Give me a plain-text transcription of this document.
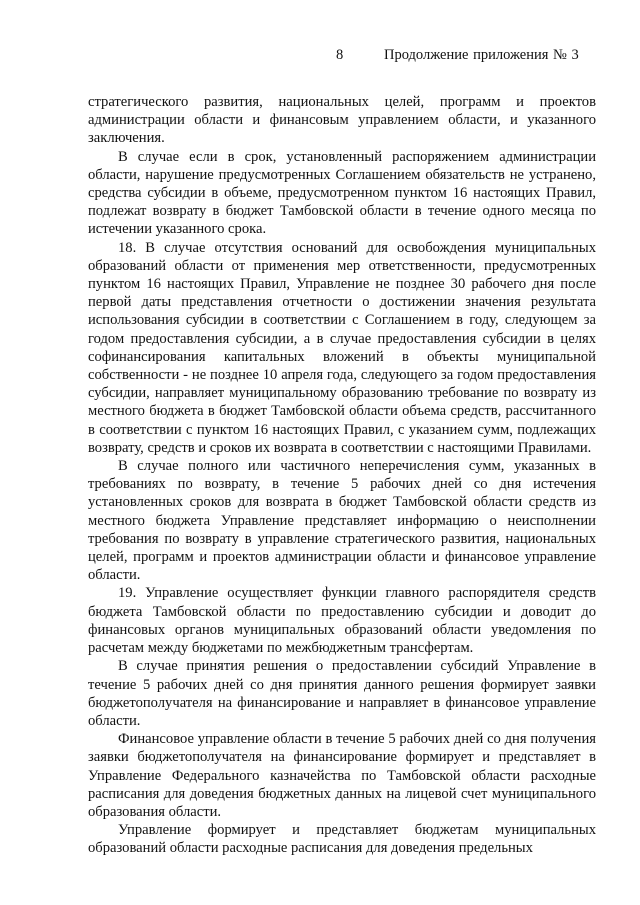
8	Продолжение приложения № 3

стратегического развития, национальных целей, программ и проектов администрации области и финансовым управлением области, и указанного заключения.

В случае если в срок, установленный распоряжением администрации области, нарушение предусмотренных Соглашением обязательств не устранено, средства субсидии в объеме, предусмотренном пунктом 16 настоящих Правил, подлежат возврату в бюджет Тамбовской области в течение одного месяца по истечении указанного срока.

18. В случае отсутствия оснований для освобождения муниципальных образований области от применения мер ответственности, предусмотренных пунктом 16 настоящих Правил, Управление не позднее 30 рабочего дня после первой даты представления отчетности о достижении значения результата использования субсидии в соответствии с Соглашением в году, следующем за годом предоставления субсидии, а в случае предоставления субсидии в целях софинансирования капитальных вложений в объекты муниципальной собственности - не позднее 10 апреля года, следующего за годом предоставления субсидии, направляет муниципальному образованию требование по возврату из местного бюджета в бюджет Тамбовской области объема средств, рассчитанного в соответствии с пунктом 16 настоящих Правил, с указанием сумм, подлежащих возврату, средств и сроков их возврата в соответствии с настоящими Правилами.

В случае полного или частичного неперечисления сумм, указанных в требованиях по возврату, в течение 5 рабочих дней со дня истечения установленных сроков для возврата в бюджет Тамбовской области средств из местного бюджета Управление представляет информацию о неисполнении требования по возврату в управление стратегического развития, национальных целей, программ и проектов администрации области и финансовое управление области.

19. Управление осуществляет функции главного распорядителя средств бюджета Тамбовской области по предоставлению субсидии и доводит до финансовых органов муниципальных образований области уведомления по расчетам между бюджетами по межбюджетным трансфертам.

В случае принятия решения о предоставлении субсидий Управление в течение 5 рабочих дней со дня принятия данного решения формирует заявки бюджетополучателя на финансирование и направляет в финансовое управление области.

Финансовое управление области в течение 5 рабочих дней со дня получения заявки бюджетополучателя на финансирование формирует и представляет в Управление Федерального казначейства по Тамбовской области расходные расписания для доведения бюджетных данных на лицевой счет муниципального образования области.

Управление формирует и представляет бюджетам муниципальных образований области расходные расписания для доведения предельных
